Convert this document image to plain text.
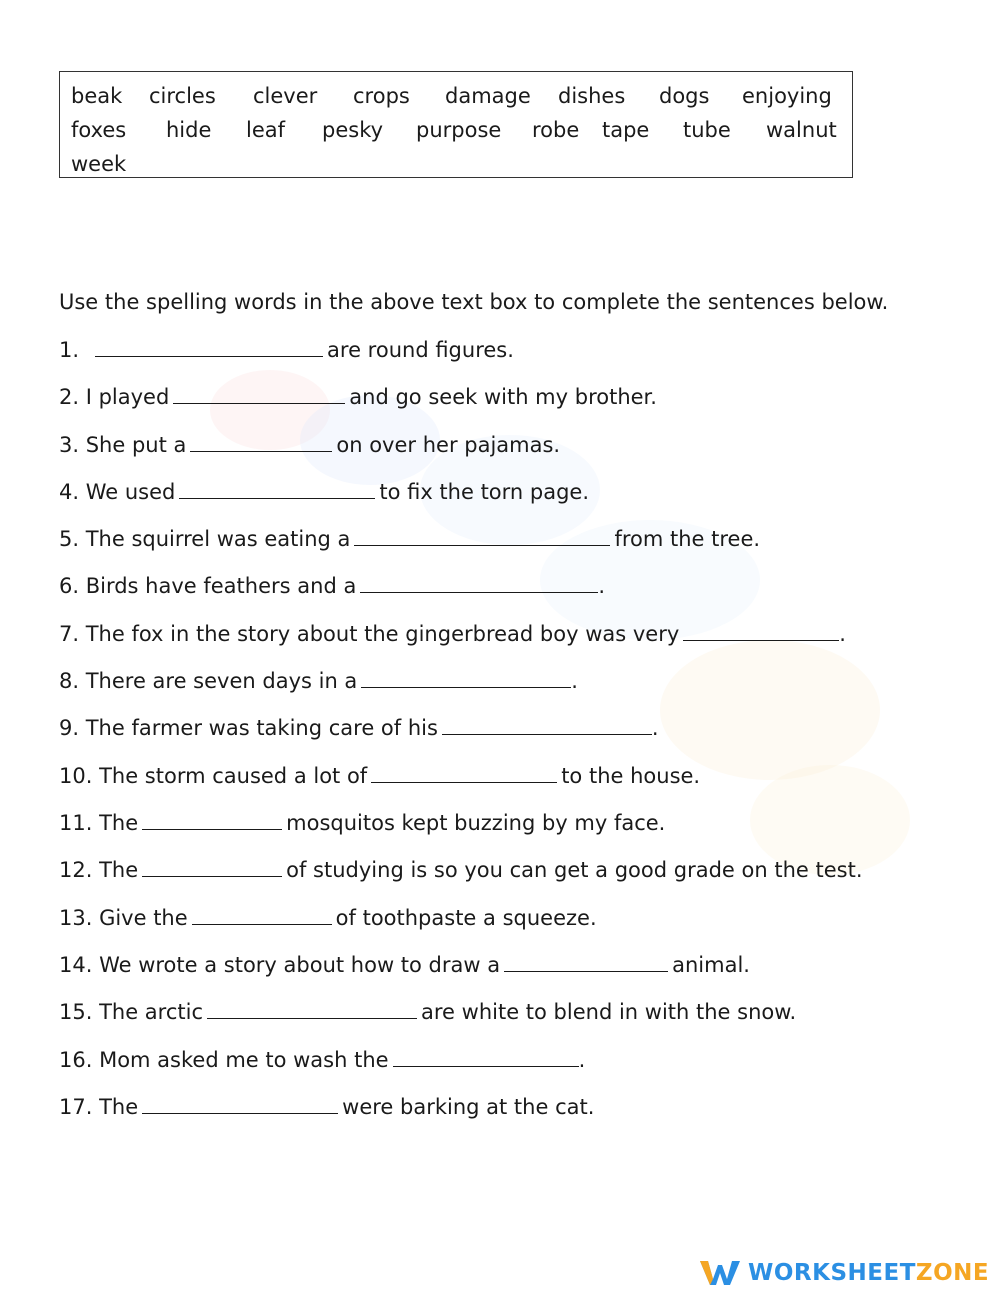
beak circles clever crops damage dishes dogs enjoying
foxes hide leaf pesky purpose robe tape tube walnut
week
Use the spelling words in the above text box to complete the sentences below.
1.	are round figures.
2. I played	and go seek with my brother.
3. She put a	on over her pajamas.
4. We used	to fix the torn page.
5. The squirrel was eating a	from the tree.
6. Birds have feathers and a	.
7. The fox in the story about the gingerbread boy was very	.
8. There are seven days in a	.
9. The farmer was taking care of his	.
10. The storm caused a lot of	to the house.
11. The	mosquitos kept buzzing by my face.
12. The	of studying is so you can get a good grade on the test.
13. Give the	of toothpaste a squeeze.
14. We wrote a story about how to draw a	animal.
15. The arctic	are white to blend in with the snow.
16. Mom asked me to wash the	.
17. The	were barking at the cat.
WORKSHEETZONE
